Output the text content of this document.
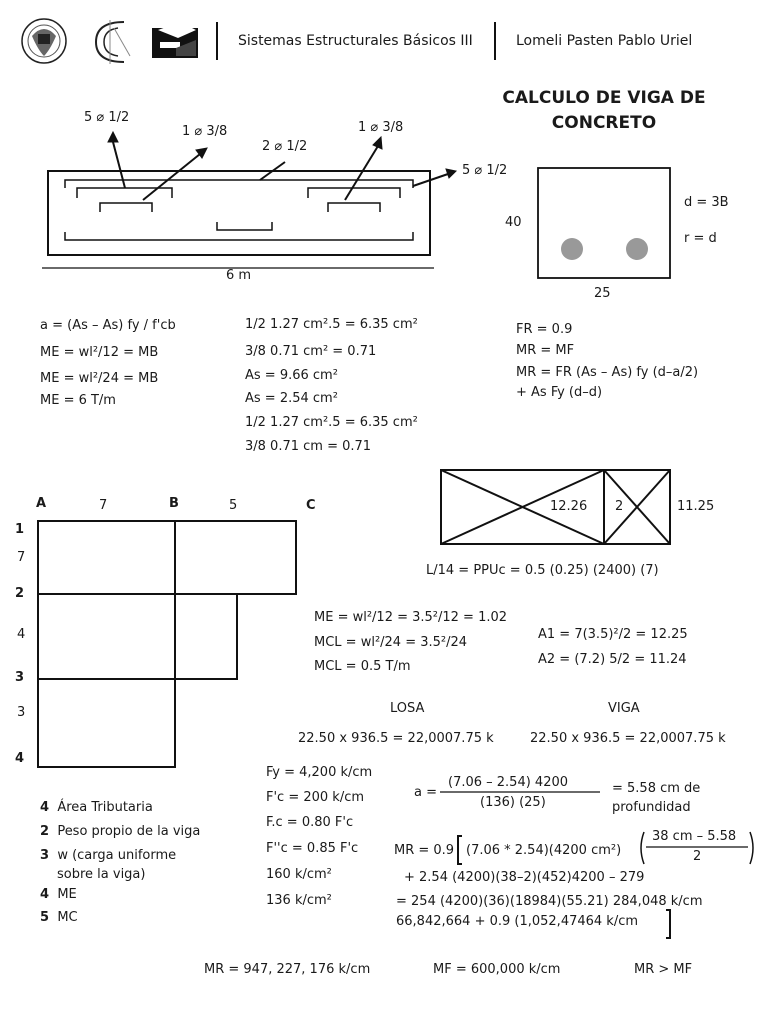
Sistemas Estructurales Básicos III	Lomeli Pasten Pablo Uriel
CALCULO DE VIGA DE
CONCRETO
5 ⌀ 1/2
1 ⌀ 3/8
2 ⌀ 1/2
1 ⌀ 3/8
5 ⌀ 1/2
6 m
40
25
d = 3B
r = d
a = (As – As) fy / f'cb
ME = wl²/12 = MB
ME = wl²/24 = MB
ME = 6 T/m
1/2 1.27 cm².5 = 6.35 cm²
3/8 0.71 cm² = 0.71
As = 9.66 cm²
As = 2.54 cm²
1/2 1.27 cm².5 = 6.35 cm²
3/8 0.71 cm = 0.71
FR = 0.9
MR = MF
MR = FR (As – As) fy (d–a/2)
+ As Fy (d–d)
A	7	B	5	C
1
7
2
4
3
3
4
12.26 2	11.25
L/14 = PPUc = 0.5 (0.25) (2400) (7)
ME = wl²/12 = 3.5²/12 = 1.02
MCL = wl²/24 = 3.5²/24
MCL = 0.5 T/m
A1 = 7(3.5)²/2 = 12.25
A2 = (7.2) 5/2 = 11.24
LOSA	VIGA
22.50 x 936.5 = 22,0007.75 k	22.50 x 936.5 = 22,0007.75 k
4 Área Tributaria
2 Peso propio de la viga
3 w (carga uniforme
sobre la viga)
4 ME
5 MC
Fy = 4,200 k/cm
F'c = 200 k/cm
F.c = 0.80 F'c
F''c = 0.85 F'c
160 k/cm²
136 k/cm²
a =
(7.06 – 2.54) 4200
(136) (25)
= 5.58 cm de
profundidad
MR = 0.9 (7.06 * 2.54)(4200 cm²)
38 cm – 5.58
2
+ 2.54 (4200)(38–2)(452)4200 – 279
= 254 (4200)(36)(18984)(55.21) 284,048 k/cm
66,842,664 + 0.9 (1,052,47464 k/cm
MR = 947, 227, 176 k/cm	MF = 600,000 k/cm	MR > MF
